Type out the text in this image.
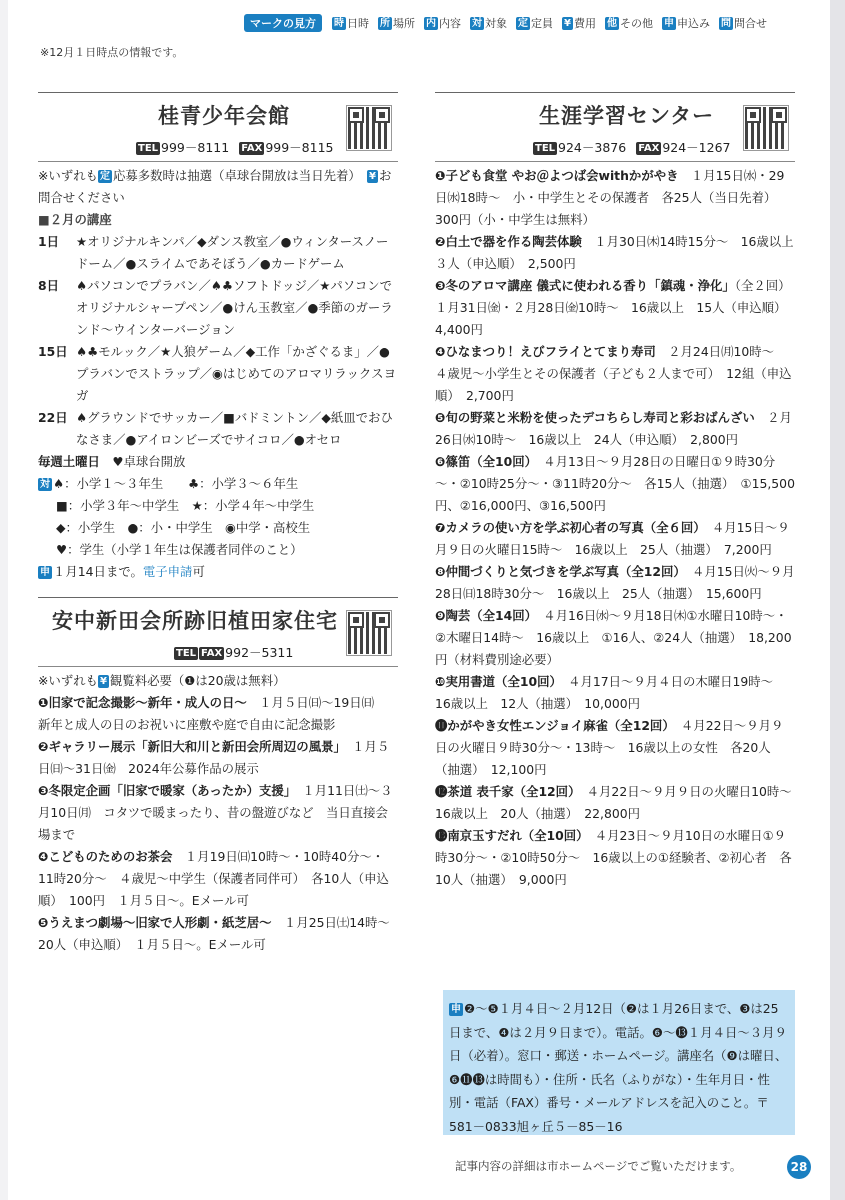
マークの見方	時 日時 所 場所 内 内容 対 対象 定 定員 ¥ 費用 他 その他 申 申込み 問 問合せ
※12月１日時点の情報です。
桂青少年会館
TEL 999－8111 FAX 999－8115

※いずれも 定 応募多数時は抽選（卓球台開放は当日先着）　 ¥ お問合せください

■２月の講座

1日	★オリジナルキンパ／◆ダンス教室／●ウィンタースノードーム／●スライムであそぼう／●カードゲーム
8日	♠パソコンでプラバン／♠♣ソフトドッジ／★パソコンでオリジナルシャープペン／●けん玉教室／●季節のガーランド～ウインターバージョン
15日 ♠♣モルック／★人狼ゲーム／◆工作「かざぐるま」／●プラバンでストラップ／◉はじめてのアロマリラックスヨガ
22日 ♠グラウンドでサッカー／■バドミントン／◆紙皿でおひなさま／●アイロンビーズでサイコロ／●オセロ

毎週土曜日　 ♥卓球台開放

対 ♠：小学１～３年生　　♣：小学３～６年生

■：小学３年～中学生　★：小学４年～中学生

◆：小学生　●：小・中学生　◉中学・高校生

♥：学生（小学１年生は保護者同伴のこと）

申 １月14日まで。電子申請可

安中新田会所跡旧植田家住宅
TEL FAX 992－5311

※いずれも ¥ 観覧料必要（❶は20歳は無料）

❶旧家で記念撮影～新年・成人の日～　 １月５日㈰～19日㈰　新年と成人の日のお祝いに座敷や庭で自由に記念撮影

❷ギャラリー展示「新旧大和川と新田会所周辺の風景」　 １月５日㈰～31日㈮　2024年公募作品の展示

❸冬限定企画「旧家で暖家（あったか）支援」　 １月11日㈯～３月10日㈪　コタツで暖まったり、昔の盤遊びなど　当日直接会場まで

❹こどものためのお茶会　 １月19日㈰10時～・10時40分～・11時20分～　４歳児～中学生（保護者同伴可）　各10人（申込順）　100円　１月５日～。Eメール可

❺うえまつ劇場～旧家で人形劇・紙芝居～　 １月25日㈯14時～　20人（申込順）　１月５日～。Eメール可

生涯学習センター
TEL 924－3876 FAX 924－1267

❶子ども食堂 やお＠よつば会withかがやき　 １月15日㈬・29日㈬18時～　小・中学生とその保護者　各25人（当日先着）　300円（小・中学生は無料）

❷白土で器を作る陶芸体験　 １月30日㈭14時15分～　16歳以上　３人（申込順）　2,500円

❸冬のアロマ講座 儀式に使われる香り「鎮魂・浄化」（全２回）　１月31日㈮・２月28日㈮10時～　16歳以上　15人（申込順）　4,400円

❹ひなまつり！えびフライとてまり寿司　 ２月24日㈪10時～　４歳児～小学生とその保護者（子ども２人まで可）　12組（申込順）　2,700円

❺旬の野菜と米粉を使ったデコちらし寿司と彩おばんざい　 ２月26日㈬10時～　16歳以上　24人（申込順）　2,800円

❻篠笛（全10回）　 ４月13日～９月28日の日曜日①９時30分～・②10時25分～・③11時20分～　各15人（抽選）　①15,500円、②16,000円、③16,500円

❼カメラの使い方を学ぶ初心者の写真（全６回）　 ４月15日～９月９日の火曜日15時～　16歳以上　25人（抽選）　7,200円

❽仲間づくりと気づきを学ぶ写真（全12回）　 ４月15日㈫～９月28日㈰18時30分～　16歳以上　25人（抽選）　15,600円

❾陶芸（全14回）　 ４月16日㈬～９月18日㈭①水曜日10時～・②木曜日14時～　16歳以上　①16人、②24人（抽選）　18,200円（材料費別途必要）

❿実用書道（全10回）　 ４月17日～９月４日の木曜日19時～　16歳以上　12人（抽選）　10,000円

⓫かがやき女性エンジョイ麻雀（全12回）　 ４月22日～９月９日の火曜日９時30分～・13時～　16歳以上の女性　各20人（抽選）　12,100円

⓬茶道 表千家（全12回）　 ４月22日～９月９日の火曜日10時～　16歳以上　20人（抽選）　22,800円

⓭南京玉すだれ（全10回）　 ４月23日～９月10日の水曜日①９時30分～・②10時50分～　16歳以上の①経験者、②初心者　各10人（抽選）　9,000円

申 ❷～❺１月４日～２月12日（❷は１月26日まで、❸は25日まで、❹は２月９日まで）。電話。❻～⓭１月４日～３月９日（必着）。窓口・郵送・ホームページ。講座名（❾は曜日、❻⓫⓭は時間も）・住所・氏名（ふりがな）・生年月日・性別・電話（FAX）番号・メールアドレスを記入のこと。〒581－0833旭ヶ丘５－85－16
記事内容の詳細は市ホームページでご覧いただけます。	28
